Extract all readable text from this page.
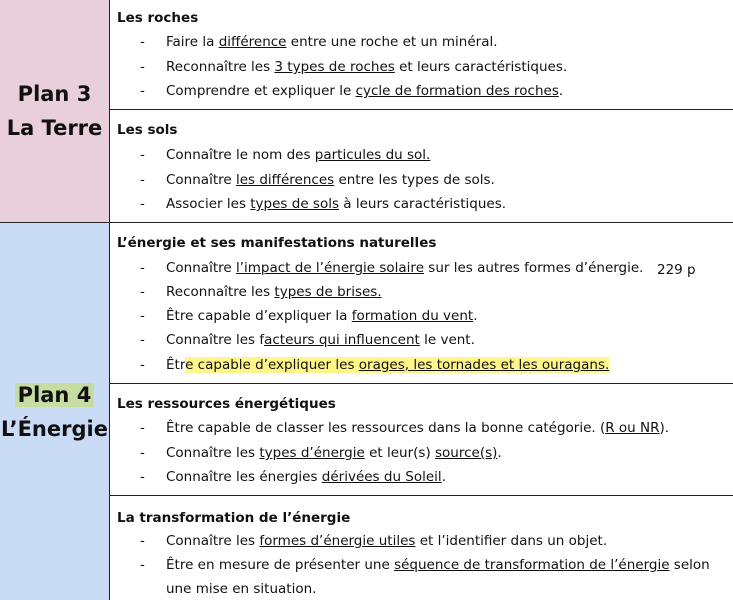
Plan 3
La Terre
Plan 4
L’Énergie
Les roches
- Faire la différence entre une roche et un minéral.
- Reconnaître les 3 types de roches et leurs caractéristiques.
- Comprendre et expliquer le cycle de formation des roches.
Les sols
- Connaître le nom des particules du sol.
- Connaître les différences entre les types de sols.
- Associer les types de sols à leurs caractéristiques.
L’énergie et ses manifestations naturelles
- Connaître l’impact de l’énergie solaire sur les autres formes d’énergie. 229 p
- Reconnaître les types de brises.
- Être capable d’expliquer la formation du vent.
- Connaître les facteurs qui influencent le vent.
- Être capable d’expliquer les orages, les tornades et les ouragans.
Les ressources énergétiques
- Être capable de classer les ressources dans la bonne catégorie. (R ou NR).
- Connaître les types d’énergie et leur(s) source(s).
- Connaître les énergies dérivées du Soleil.
La transformation de l’énergie
- Connaître les formes d’énergie utiles et l’identifier dans un objet.
- Être en mesure de présenter une séquence de transformation de l’énergie selon
une mise en situation.
